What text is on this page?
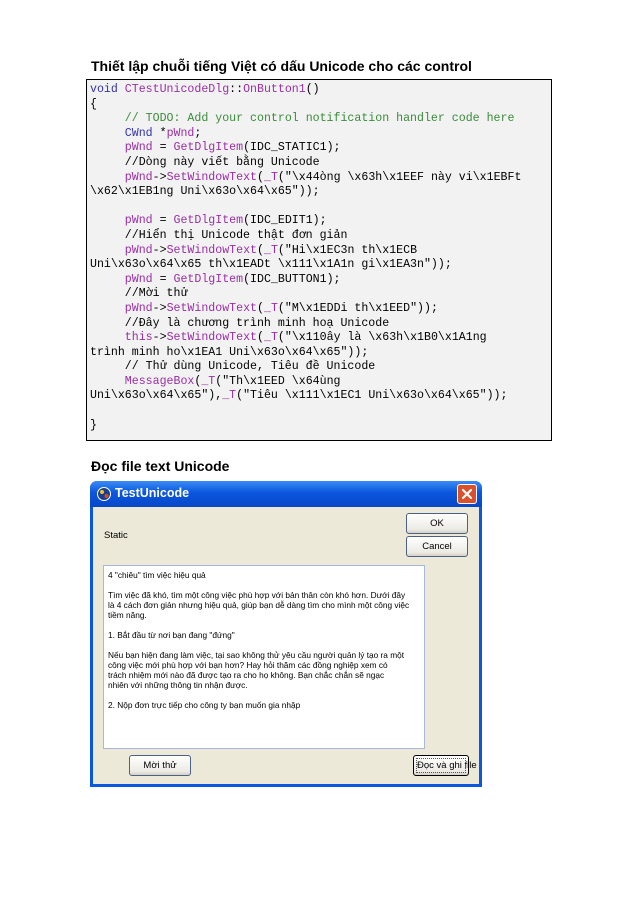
Thiết lập chuỗi tiếng Việt có dấu Unicode cho các control
void CTestUnicodeDlg::OnButton1()
{
// TODO: Add your control notification handler code here
CWnd *pWnd;
pWnd = GetDlgItem(IDC_STATIC1);
//Dòng này viết bằng Unicode
pWnd->SetWindowText(_T("\x44òng \x63h\x1EEF này vi\x1EBFt
\x62\x1EB1ng Uni\x63o\x64\x65"));
pWnd = GetDlgItem(IDC_EDIT1);
//Hiển thị Unicode thật đơn giản
pWnd->SetWindowText(_T("Hi\x1EC3n th\x1ECB
Uni\x63o\x64\x65 th\x1EADt \x111\x1A1n gi\x1EA3n"));
pWnd = GetDlgItem(IDC_BUTTON1);
//Mời thử
pWnd->SetWindowText(_T("M\x1EDDi th\x1EED"));
//Đây là chương trình minh hoạ Unicode
this->SetWindowText(_T("\x110ây là \x63h\x1B0\x1A1ng
trình minh ho\x1EA1 Uni\x63o\x64\x65"));
// Thử dùng Unicode, Tiêu đề Unicode
MessageBox(_T("Th\x1EED \x64ùng
Uni\x63o\x64\x65"),_T("Tiêu \x111\x1EC1 Uni\x63o\x64\x65"));
}
Đọc file text Unicode
TestUnicode
Static
OK
Cancel
4 "chiêu" tìm việc hiệu quả
Tìm việc đã khó, tìm một công việc phù hợp với bản thân còn khó hơn. Dưới đây
là 4 cách đơn giản nhưng hiệu quả, giúp bạn dễ dàng tìm cho mình một công việc
tiềm năng.
1. Bắt đầu từ nơi bạn đang "đứng"
Nếu bạn hiện đang làm việc, tại sao không thử yêu cầu người quản lý tạo ra một
công việc mới phù hợp với bạn hơn? Hay hỏi thăm các đồng nghiệp xem có
trách nhiệm mới nào đã được tạo ra cho họ không. Bạn chắc chắn sẽ ngạc
nhiên với những thông tin nhận được.
2. Nộp đơn trực tiếp cho công ty bạn muốn gia nhập
Mời thử	Đọc và ghi file
